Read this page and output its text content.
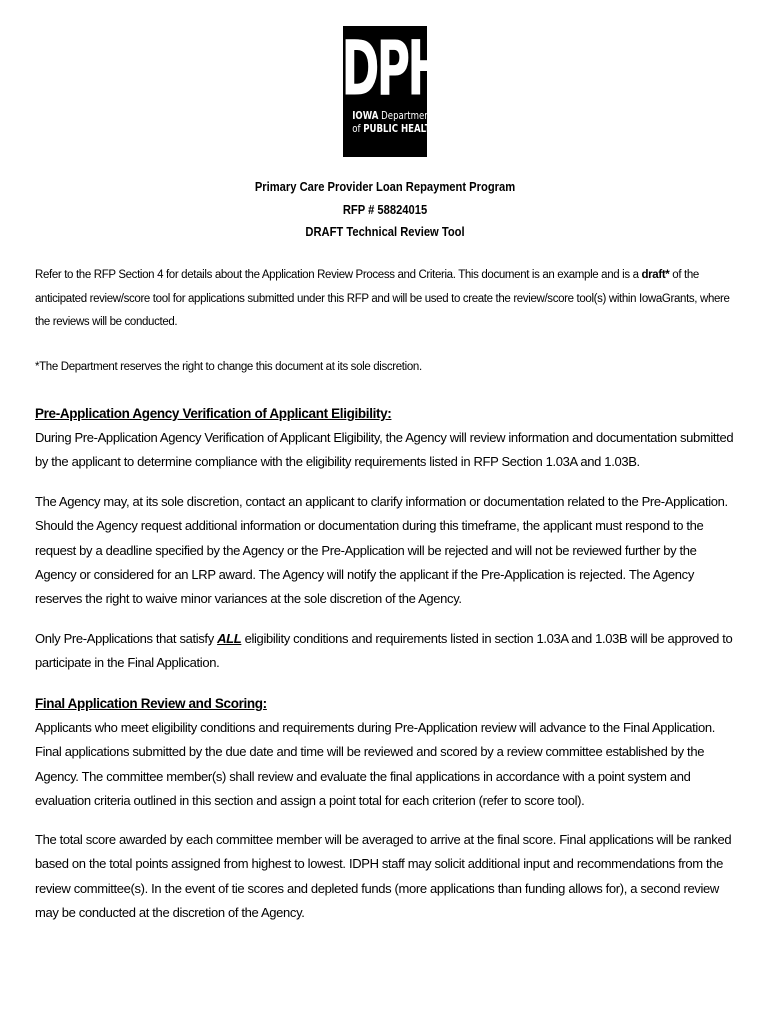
IDPH
IOWA Department
of PUBLIC HEALTH
Primary Care Provider Loan Repayment Program
RFP # 58824015
DRAFT Technical Review Tool
Refer to the RFP Section 4 for details about the Application Review Process and Criteria. This document is an example and is a draft* of the anticipated review/score tool for applications submitted under this RFP and will be used to create the review/score tool(s) within IowaGrants, where the reviews will be conducted.
*The Department reserves the right to change this document at its sole discretion.
Pre-Application Agency Verification of Applicant Eligibility:
During Pre-Application Agency Verification of Applicant Eligibility, the Agency will review information and documentation submitted by the applicant to determine compliance with the eligibility requirements listed in RFP Section 1.03A and 1.03B.
The Agency may, at its sole discretion, contact an applicant to clarify information or documentation related to the Pre-Application. Should the Agency request additional information or documentation during this timeframe, the applicant must respond to the request by a deadline specified by the Agency or the Pre-Application will be rejected and will not be reviewed further by the Agency or considered for an LRP award. The Agency will notify the applicant if the Pre-Application is rejected. The Agency reserves the right to waive minor variances at the sole discretion of the Agency.
Only Pre-Applications that satisfy ALL eligibility conditions and requirements listed in section 1.03A and 1.03B will be approved to participate in the Final Application.
Final Application Review and Scoring:
Applicants who meet eligibility conditions and requirements during Pre-Application review will advance to the Final Application. Final applications submitted by the due date and time will be reviewed and scored by a review committee established by the Agency. The committee member(s) shall review and evaluate the final applications in accordance with a point system and evaluation criteria outlined in this section and assign a point total for each criterion (refer to score tool).
The total score awarded by each committee member will be averaged to arrive at the final score. Final applications will be ranked based on the total points assigned from highest to lowest. IDPH staff may solicit additional input and recommendations from the review committee(s). In the event of tie scores and depleted funds (more applications than funding allows for), a second review may be conducted at the discretion of the Agency.
